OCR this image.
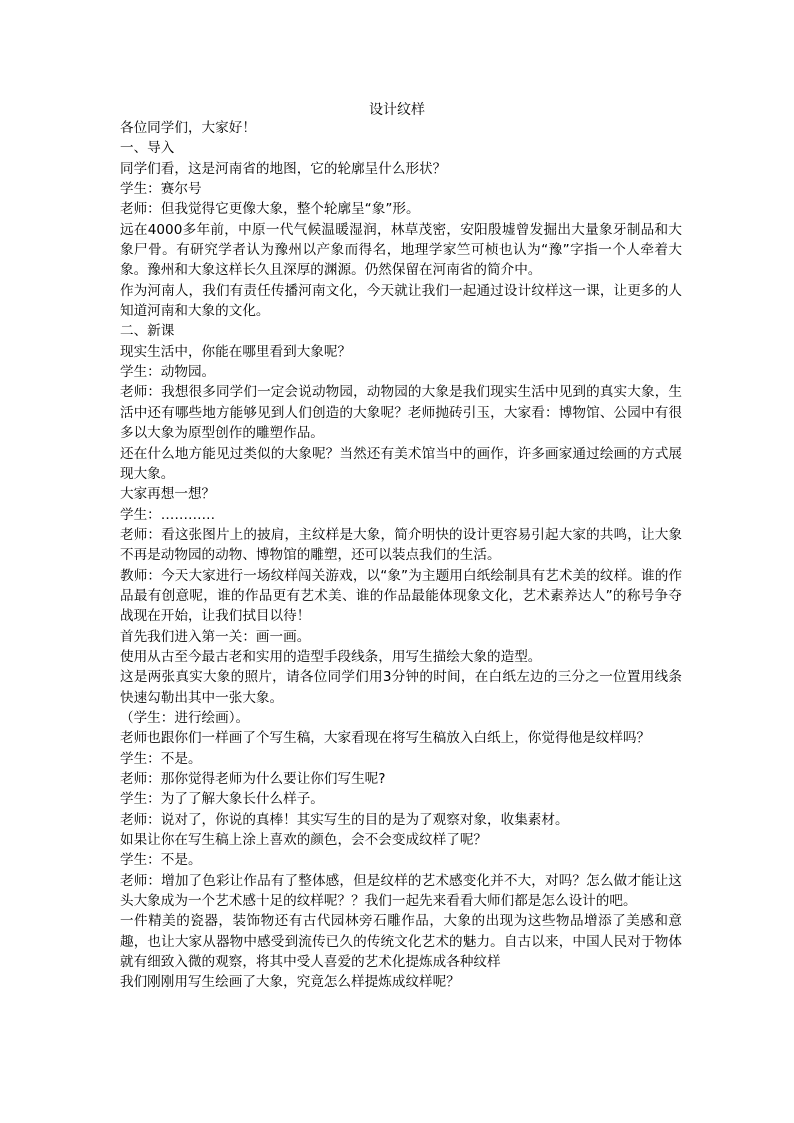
设计纹样

各位同学们，大家好！

一、导入

同学们看，这是河南省的地图，它的轮廓呈什么形状？

学生：赛尔号

老师：但我觉得它更像大象，整个轮廓呈“象”形。

远在4000多年前，中原一代气候温暖湿润，林草茂密，安阳殷墟曾发掘出大量象牙制品和大象尸骨。有研究学者认为豫州以产象而得名，地理学家竺可桢也认为“豫”字指一个人牵着大象。豫州和大象这样长久且深厚的渊源。仍然保留在河南省的简介中。

作为河南人，我们有责任传播河南文化，今天就让我们一起通过设计纹样这一课，让更多的人知道河南和大象的文化。

二、新课

现实生活中，你能在哪里看到大象呢？

学生：动物园。

老师：我想很多同学们一定会说动物园，动物园的大象是我们现实生活中见到的真实大象，生活中还有哪些地方能够见到人们创造的大象呢？老师抛砖引玉，大家看：博物馆、公园中有很多以大象为原型创作的雕塑作品。

还在什么地方能见过类似的大象呢？当然还有美术馆当中的画作，许多画家通过绘画的方式展现大象。

大家再想一想？

学生：…………

老师：看这张图片上的披肩，主纹样是大象，简介明快的设计更容易引起大家的共鸣，让大象不再是动物园的动物、博物馆的雕塑，还可以装点我们的生活。

教师：今天大家进行一场纹样闯关游戏，以“象”为主题用白纸绘制具有艺术美的纹样。谁的作品最有创意呢，谁的作品更有艺术美、谁的作品最能体现象文化，艺术素养达人”的称号争夺战现在开始，让我们拭目以待！

首先我们进入第一关：画一画。

使用从古至今最古老和实用的造型手段线条，用写生描绘大象的造型。

这是两张真实大象的照片，请各位同学们用3分钟的时间，在白纸左边的三分之一位置用线条快速勾勒出其中一张大象。

（学生：进行绘画）。

老师也跟你们一样画了个写生稿，大家看现在将写生稿放入白纸上，你觉得他是纹样吗？

学生：不是。

老师：那你觉得老师为什么要让你们写生呢?

学生：为了了解大象长什么样子。

老师：说对了，你说的真棒！其实写生的目的是为了观察对象，收集素材。

如果让你在写生稿上涂上喜欢的颜色，会不会变成纹样了呢？

学生：不是。

老师：增加了色彩让作品有了整体感，但是纹样的艺术感变化并不大，对吗？怎么做才能让这头大象成为一个艺术感十足的纹样呢？？我们一起先来看看大师们都是怎么设计的吧。

一件精美的瓷器，装饰物还有古代园林旁石雕作品，大象的出现为这些物品增添了美感和意趣，也让大家从器物中感受到流传已久的传统文化艺术的魅力。自古以来，中国人民对于物体就有细致入微的观察，将其中受人喜爱的艺术化提炼成各种纹样

我们刚刚用写生绘画了大象，究竟怎么样提炼成纹样呢？
